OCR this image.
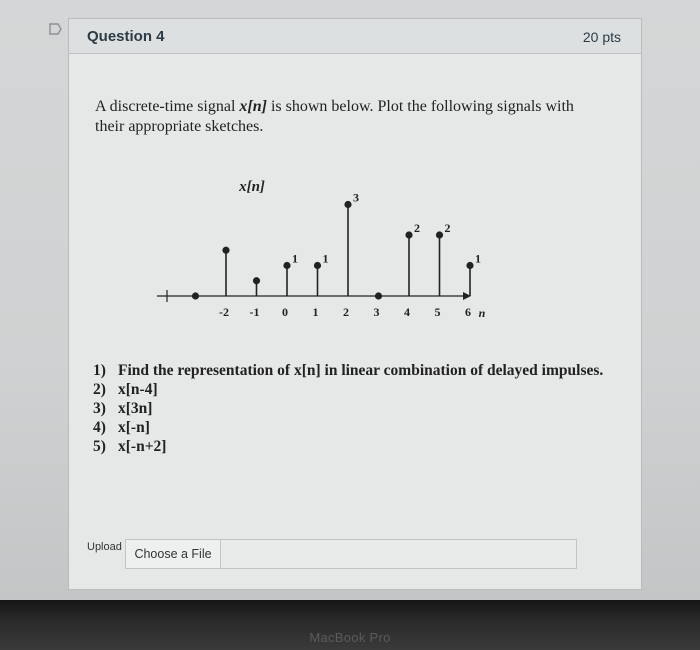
Question 4	20 pts
A discrete-time signal x[n] is shown below. Plot the following signals with
their appropriate sketches.
x[n]
n
1 1
3
2 2
1
-2 -1 0 1 2 3 4 5 6
1) Find the representation of x[n] in linear combination of delayed impulses.
2) x[n-4]
3) x[3n]
4) x[-n]
5) x[-n+2]
Upload	Choose a File
MacBook Pro
